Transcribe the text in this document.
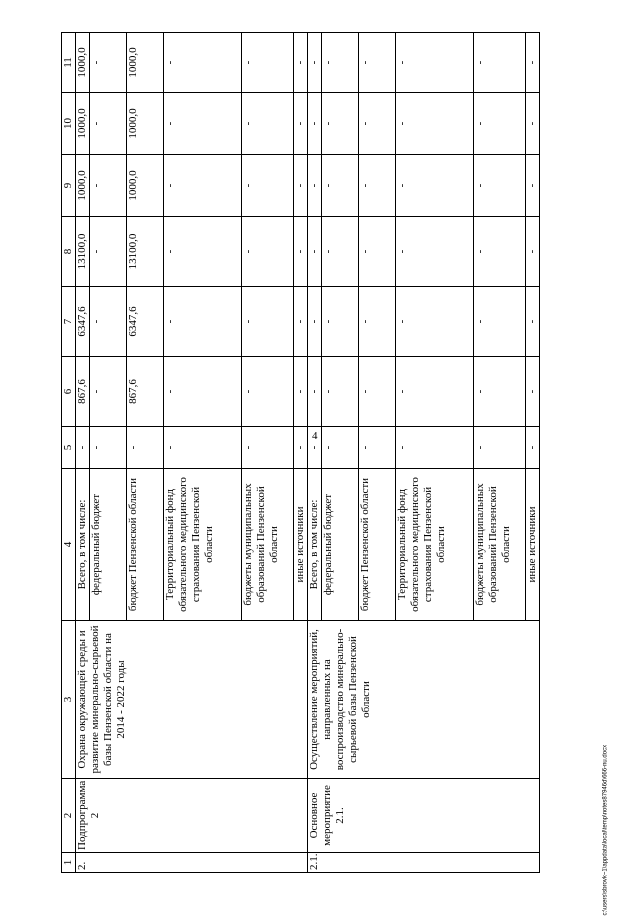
4
1	2	3	4	5	6	7	8	9	10	11
2.	Подпрограмма 2	Охрана окружающей среды и развитие минерально-сырьевой базы Пензенской области на 2014 - 2022 годы	Всего, в том числе:	-	867,6	6347,6	13100,0	1000,0	1000,0	1000,0
			федеральный бюджет	-	-	-	-	-	-	-
			бюджет Пензенской области	-	867,6	6347,6	13100,0	1000,0	1000,0	1000,0
			Территориальный фонд обязательного медицинского страхования Пензенской области	-	-	-	-	-	-	-
			бюджеты муниципальных образований Пензенской области	-	-	-	-	-	-	-
			иные источники	-	-	-	-	-	-	-
2.1.	Основное мероприятие 2.1.	Осуществление мероприятий, направленных на воспроизводство минерально-сырьевой базы Пензенской области	Всего, в том числе:	-	-	-	-	-	-	-
			федеральный бюджет	-	-	-	-	-	-	-
			бюджет Пензенской области	-	-	-	-	-	-	-
			Территориальный фонд обязательного медицинского страхования Пензенской области	-	-	-	-	-	-	-
			бюджеты муниципальных образований Пензенской области	-	-	-	-	-	-	-
			иные источники	-	-	-	-	-	-	-
c:\users\sbrovk~1\appdata\local\temp\notes87946d\666-nu.docx
